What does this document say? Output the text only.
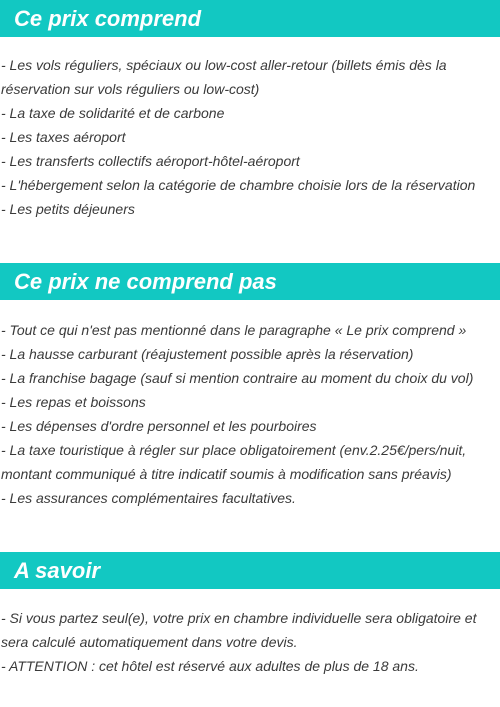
Ce prix comprend

- Les vols réguliers, spéciaux ou low-cost aller-retour (billets émis dès la réservation sur vols réguliers ou low-cost)

- La taxe de solidarité et de carbone

- Les taxes aéroport

- Les transferts collectifs aéroport-hôtel-aéroport

- L'hébergement selon la catégorie de chambre choisie lors de la réservation

- Les petits déjeuners

Ce prix ne comprend pas

- Tout ce qui n'est pas mentionné dans le paragraphe « Le prix comprend »

- La hausse carburant (réajustement possible après la réservation)

- La franchise bagage (sauf si mention contraire au moment du choix du vol)

- Les repas et boissons

- Les dépenses d'ordre personnel et les pourboires

- La taxe touristique à régler sur place obligatoirement (env.2.25€/pers/nuit, montant communiqué à titre indicatif soumis à modification sans préavis)

- Les assurances complémentaires facultatives.

A savoir

- Si vous partez seul(e), votre prix en chambre individuelle sera obligatoire et sera calculé automatiquement dans votre devis.

- ATTENTION : cet hôtel est réservé aux adultes de plus de 18 ans.
